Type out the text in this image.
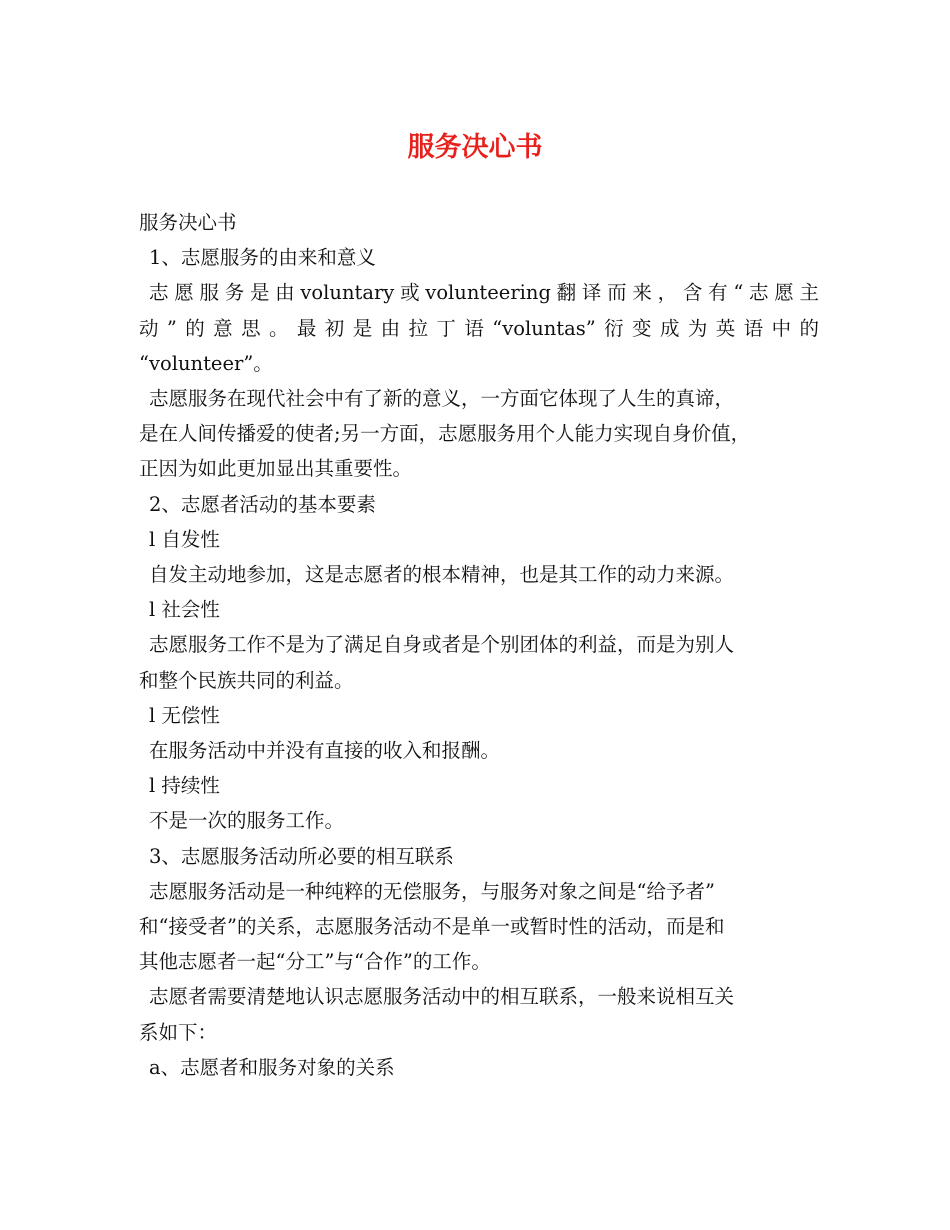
服务决心书

服务决心书

1、志愿服务的由来和意义

志愿服务是由voluntary或volunteering翻译而来，含有“志愿主

动”的意思。最初是由拉丁语“voluntas”衍变成为英语中的

“volunteer”。

志愿服务在现代社会中有了新的意义，一方面它体现了人生的真谛，

是在人间传播爱的使者;另一方面，志愿服务用个人能力实现自身价值，

正因为如此更加显出其重要性。

2、志愿者活动的基本要素

l 自发性

自发主动地参加，这是志愿者的根本精神，也是其工作的动力来源。

l 社会性

志愿服务工作不是为了满足自身或者是个别团体的利益，而是为别人

和整个民族共同的利益。

l 无偿性

在服务活动中并没有直接的收入和报酬。

l 持续性

不是一次的服务工作。

3、志愿服务活动所必要的相互联系

志愿服务活动是一种纯粹的无偿服务，与服务对象之间是“给予者”

和“接受者”的关系，志愿服务活动不是单一或暂时性的活动，而是和

其他志愿者一起“分工”与“合作”的工作。

志愿者需要清楚地认识志愿服务活动中的相互联系，一般来说相互关

系如下：

a、志愿者和服务对象的关系
